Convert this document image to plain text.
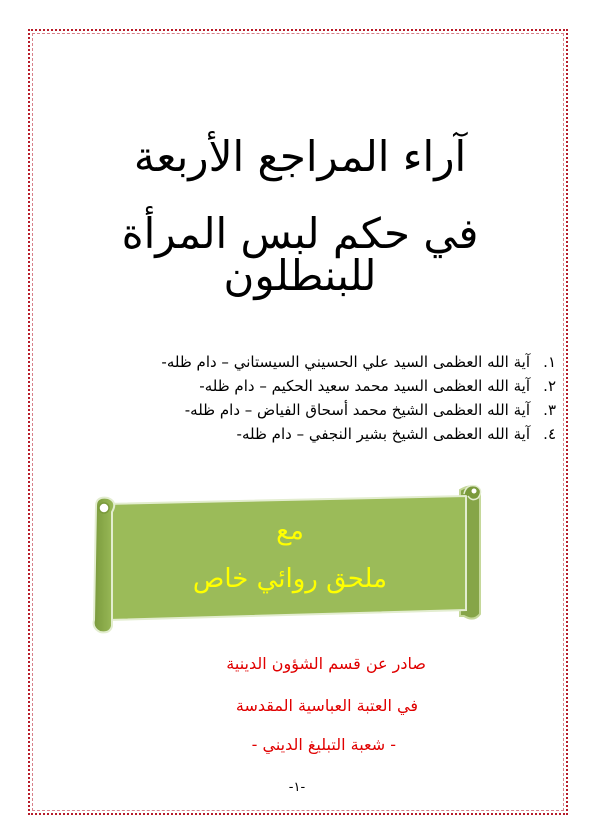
آراء المراجع الأربعة
في حكم لبس المرأة للبنطلون
١.آية الله العظمى السيد علي الحسيني السيستاني – دام ظله-
٢.آية الله العظمى السيد محمد سعيد الحكيم – دام ظله-
٣.آية الله العظمى الشيخ محمد أسحاق الفياض – دام ظله-
٤.آية الله العظمى الشيخ بشير النجفي – دام ظله-
مع
ملحق روائي خاص
صادر عن قسم الشؤون الدينية
في العتبة العباسية المقدسة
- شعبة التبليغ الديني -
-١-
